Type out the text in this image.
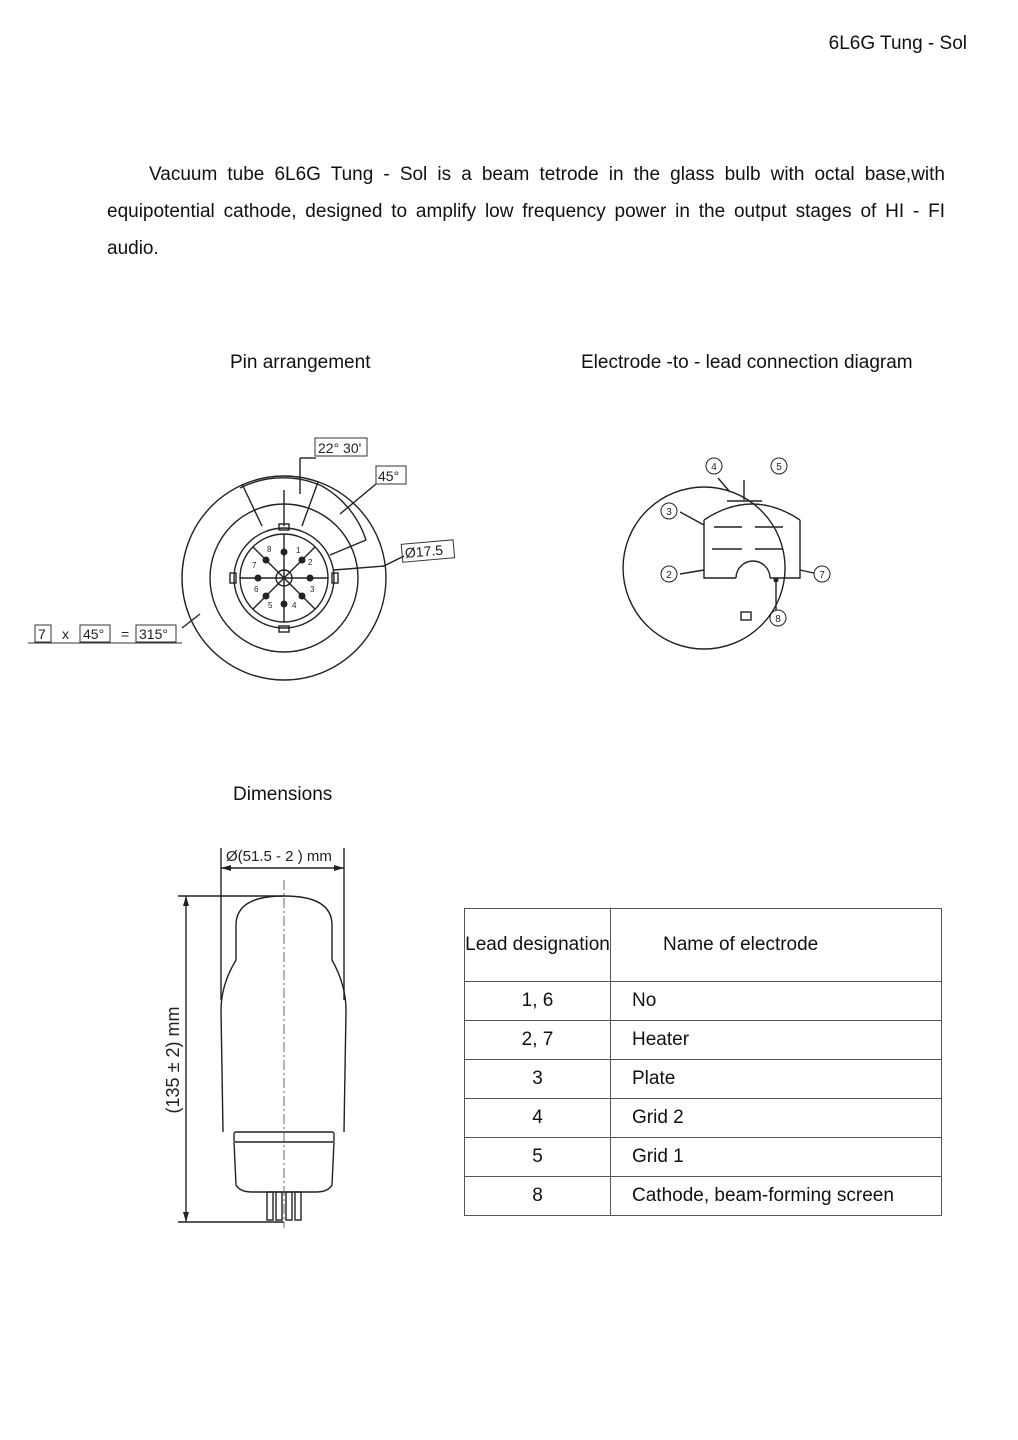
6L6G Tung - Sol

Vacuum tube 6L6G Tung - Sol is a beam tetrode in the glass bulb with octal base,with equipotential cathode, designed to amplify low frequency power in the output stages of HI - FI audio.

Pin arrangement	Electrode -to - lead connection diagram
Dimensions
1
2
3
4
5
6
7
8
22° 30'
45°
Ø17.5
7 x 45° = 315°
2
3
4	5
7
8
Ø(51.5 - 2 ) mm
(135 ± 2) mm
Lead designation	Name of electrode
1, 6	No
2, 7	Heater
3	Plate
4	Grid 2
5	Grid 1
8	Cathode, beam-forming screen
